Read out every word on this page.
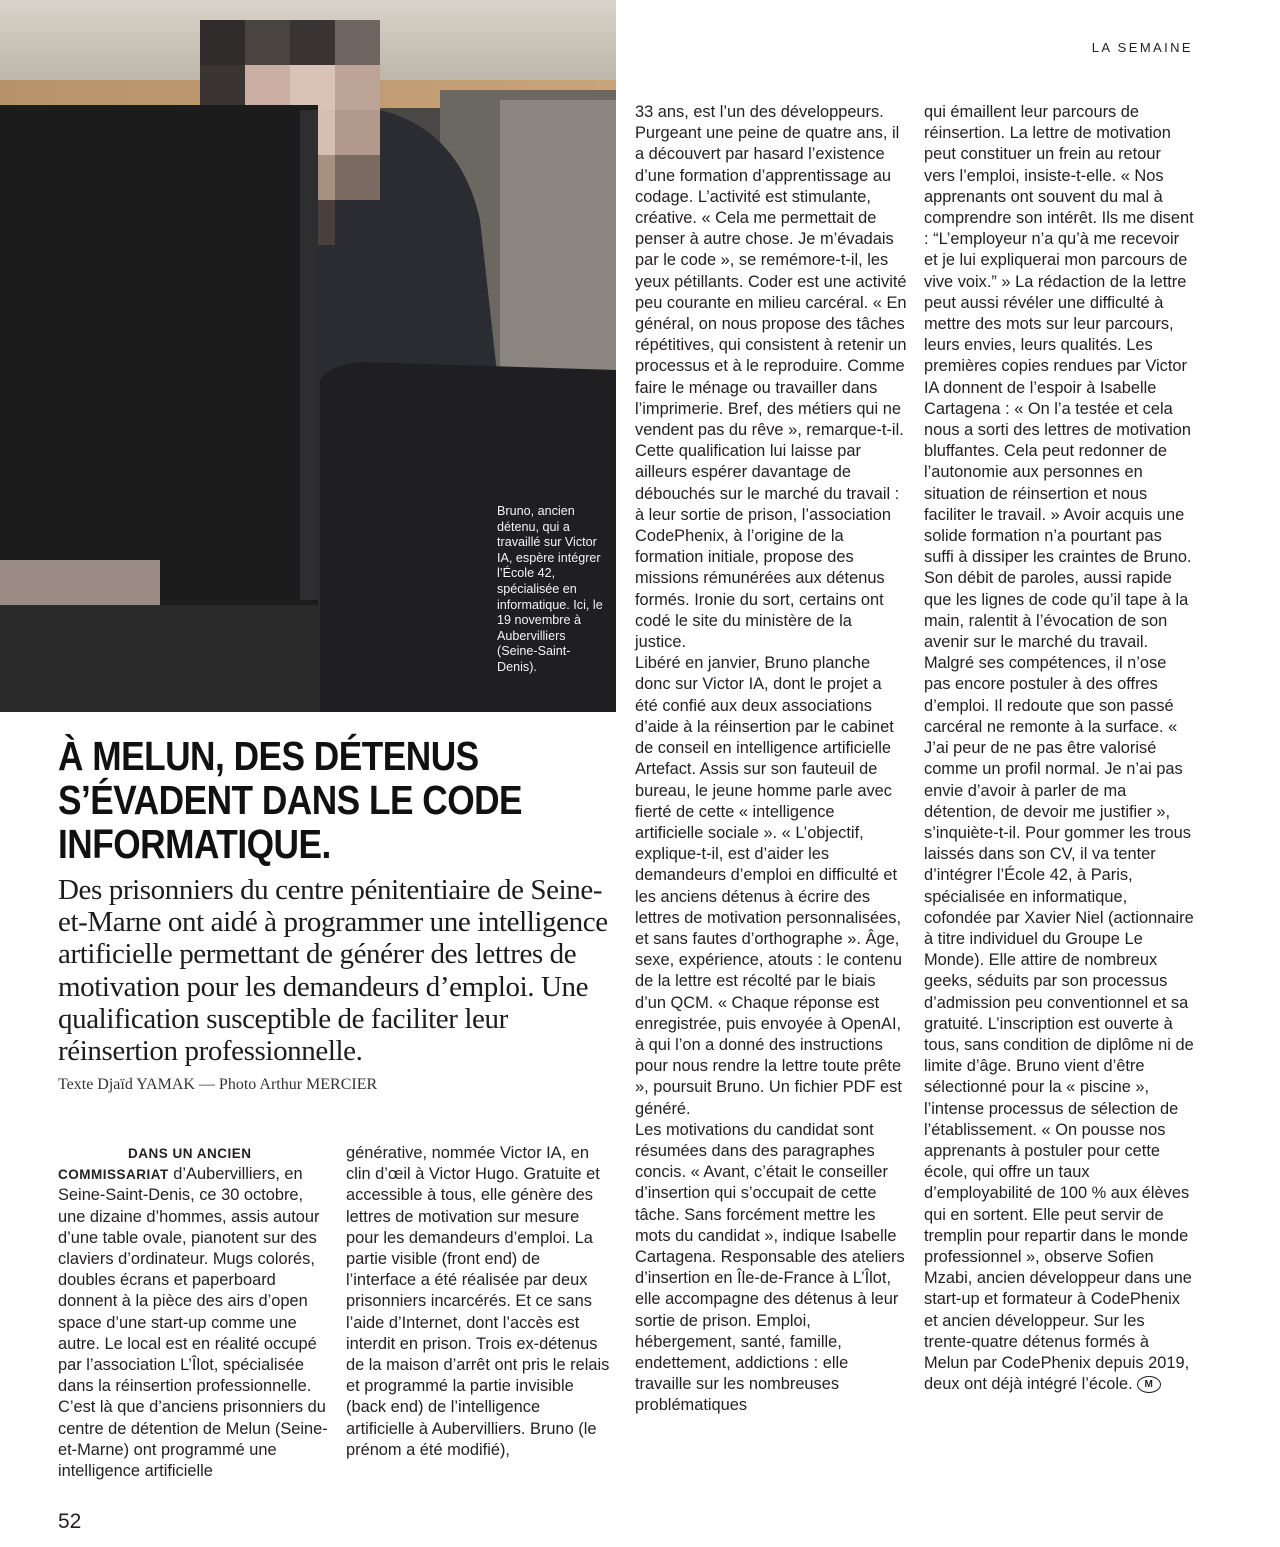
Bruno, ancien détenu, qui a travaillé sur Victor IA, espère intégrer l’École 42, spécialisée en informatique. Ici, le 19 novembre à Aubervilliers (Seine-Saint-Denis).

LA SEMAINE
À MELUN, DES DÉTENUS
S’ÉVADENT DANS LE CODE
INFORMATIQUE.

Des prisonniers du centre pénitentiaire de Seine-et-Marne ont aidé à programmer une intelligence artificielle permettant de générer des lettres de motivation pour les demandeurs d’emploi. Une qualification susceptible de faciliter leur réinsertion professionnelle.

Texte Djaïd YAMAK — Photo Arthur MERCIER

DANS UN ANCIEN COMMISSARIAT d’Aubervilliers, en Seine-Saint-Denis, ce 30 octobre, une dizaine d’hommes, assis autour d’une table ovale, pianotent sur des claviers d’ordinateur. Mugs colorés, doubles écrans et paperboard donnent à la pièce des airs d’open space d’une start-up comme une autre. Le local est en réalité occupé par l’association L’Îlot, spécialisée dans la réinsertion professionnelle. C’est là que d’anciens prisonniers du centre de détention de Melun (Seine-et-Marne) ont programmé une intelligence artificielle

générative, nommée Victor IA, en clin d’œil à Victor Hugo. Gratuite et accessible à tous, elle génère des lettres de motivation sur mesure pour les demandeurs d’emploi. La partie visible (front end) de l’interface a été réalisée par deux prisonniers incarcérés. Et ce sans l’aide d’Internet, dont l’accès est interdit en prison. Trois ex-détenus de la maison d’arrêt ont pris le relais et programmé la partie invisible (back end) de l’intelligence artificielle à Aubervilliers. Bruno (le prénom a été modifié),

33 ans, est l’un des développeurs. Purgeant une peine de quatre ans, il a découvert par hasard l’existence d’une formation d’apprentissage au codage. L’activité est stimulante, créative. « Cela me permettait de penser à autre chose. Je m’évadais par le code », se remémore-t-il, les yeux pétillants. Coder est une activité peu courante en milieu carcéral. « En général, on nous propose des tâches répétitives, qui consistent à retenir un processus et à le reproduire. Comme faire le ménage ou travailler dans l’imprimerie. Bref, des métiers qui ne vendent pas du rêve », remarque-t-il. Cette qualification lui laisse par ailleurs espérer davantage de débouchés sur le marché du travail : à leur sortie de prison, l’association CodePhenix, à l’origine de la formation initiale, propose des missions rémunérées aux détenus formés. Ironie du sort, certains ont codé le site du ministère de la justice.
Libéré en janvier, Bruno planche donc sur Victor IA, dont le projet a été confié aux deux associations d’aide à la réinsertion par le cabinet de conseil en intelligence artificielle Artefact. Assis sur son fauteuil de bureau, le jeune homme parle avec fierté de cette « intelligence artificielle sociale ». « L’objectif, explique-t-il, est d’aider les demandeurs d’emploi en difficulté et les anciens détenus à écrire des lettres de motivation personnalisées, et sans fautes d’orthographe ». Âge, sexe, expérience, atouts : le contenu de la lettre est récolté par le biais d’un QCM. « Chaque réponse est enregistrée, puis envoyée à OpenAI, à qui l’on a donné des instructions pour nous rendre la lettre toute prête », poursuit Bruno. Un fichier PDF est généré.
Les motivations du candidat sont résumées dans des paragraphes concis. « Avant, c’était le conseiller d’insertion qui s’occupait de cette tâche. Sans forcément mettre les mots du candidat », indique Isabelle Cartagena. Responsable des ateliers d’insertion en Île-de-France à L’Îlot, elle accompagne des détenus à leur sortie de prison. Emploi, hébergement, santé, famille, endettement, addictions : elle travaille sur les nombreuses problématiques

qui émaillent leur parcours de réinsertion. La lettre de motivation peut constituer un frein au retour vers l’emploi, insiste-t-elle. « Nos apprenants ont souvent du mal à comprendre son intérêt. Ils me disent : “L’employeur n’a qu’à me recevoir et je lui expliquerai mon parcours de vive voix.” » La rédaction de la lettre peut aussi révéler une difficulté à mettre des mots sur leur parcours, leurs envies, leurs qualités. Les premières copies rendues par Victor IA donnent de l’espoir à Isabelle Cartagena : « On l’a testée et cela nous a sorti des lettres de motivation bluffantes. Cela peut redonner de l’autonomie aux personnes en situation de réinsertion et nous faciliter le travail. » Avoir acquis une solide formation n’a pourtant pas suffi à dissiper les craintes de Bruno. Son débit de paroles, aussi rapide que les lignes de code qu’il tape à la main, ralentit à l’évocation de son avenir sur le marché du travail. Malgré ses compétences, il n’ose pas encore postuler à des offres d’emploi. Il redoute que son passé carcéral ne remonte à la surface. « J’ai peur de ne pas être valorisé comme un profil normal. Je n’ai pas envie d’avoir à parler de ma détention, de devoir me justifier », s’inquiète-t-il. Pour gommer les trous laissés dans son CV, il va tenter d’intégrer l’École 42, à Paris, spécialisée en informatique, cofondée par Xavier Niel (actionnaire à titre individuel du Groupe Le Monde). Elle attire de nombreux geeks, séduits par son processus d’admission peu conventionnel et sa gratuité. L’inscription est ouverte à tous, sans condition de diplôme ni de limite d’âge. Bruno vient d’être sélectionné pour la « piscine », l’intense processus de sélection de l’établissement. « On pousse nos apprenants à postuler pour cette école, qui offre un taux d’employabilité de 100 % aux élèves qui en sortent. Elle peut servir de tremplin pour repartir dans le monde professionnel », observe Sofien Mzabi, ancien développeur dans une start-up et formateur à CodePhenix et ancien développeur. Sur les trente-quatre détenus formés à Melun par CodePhenix depuis 2019, deux ont déjà intégré l’école. M

52
